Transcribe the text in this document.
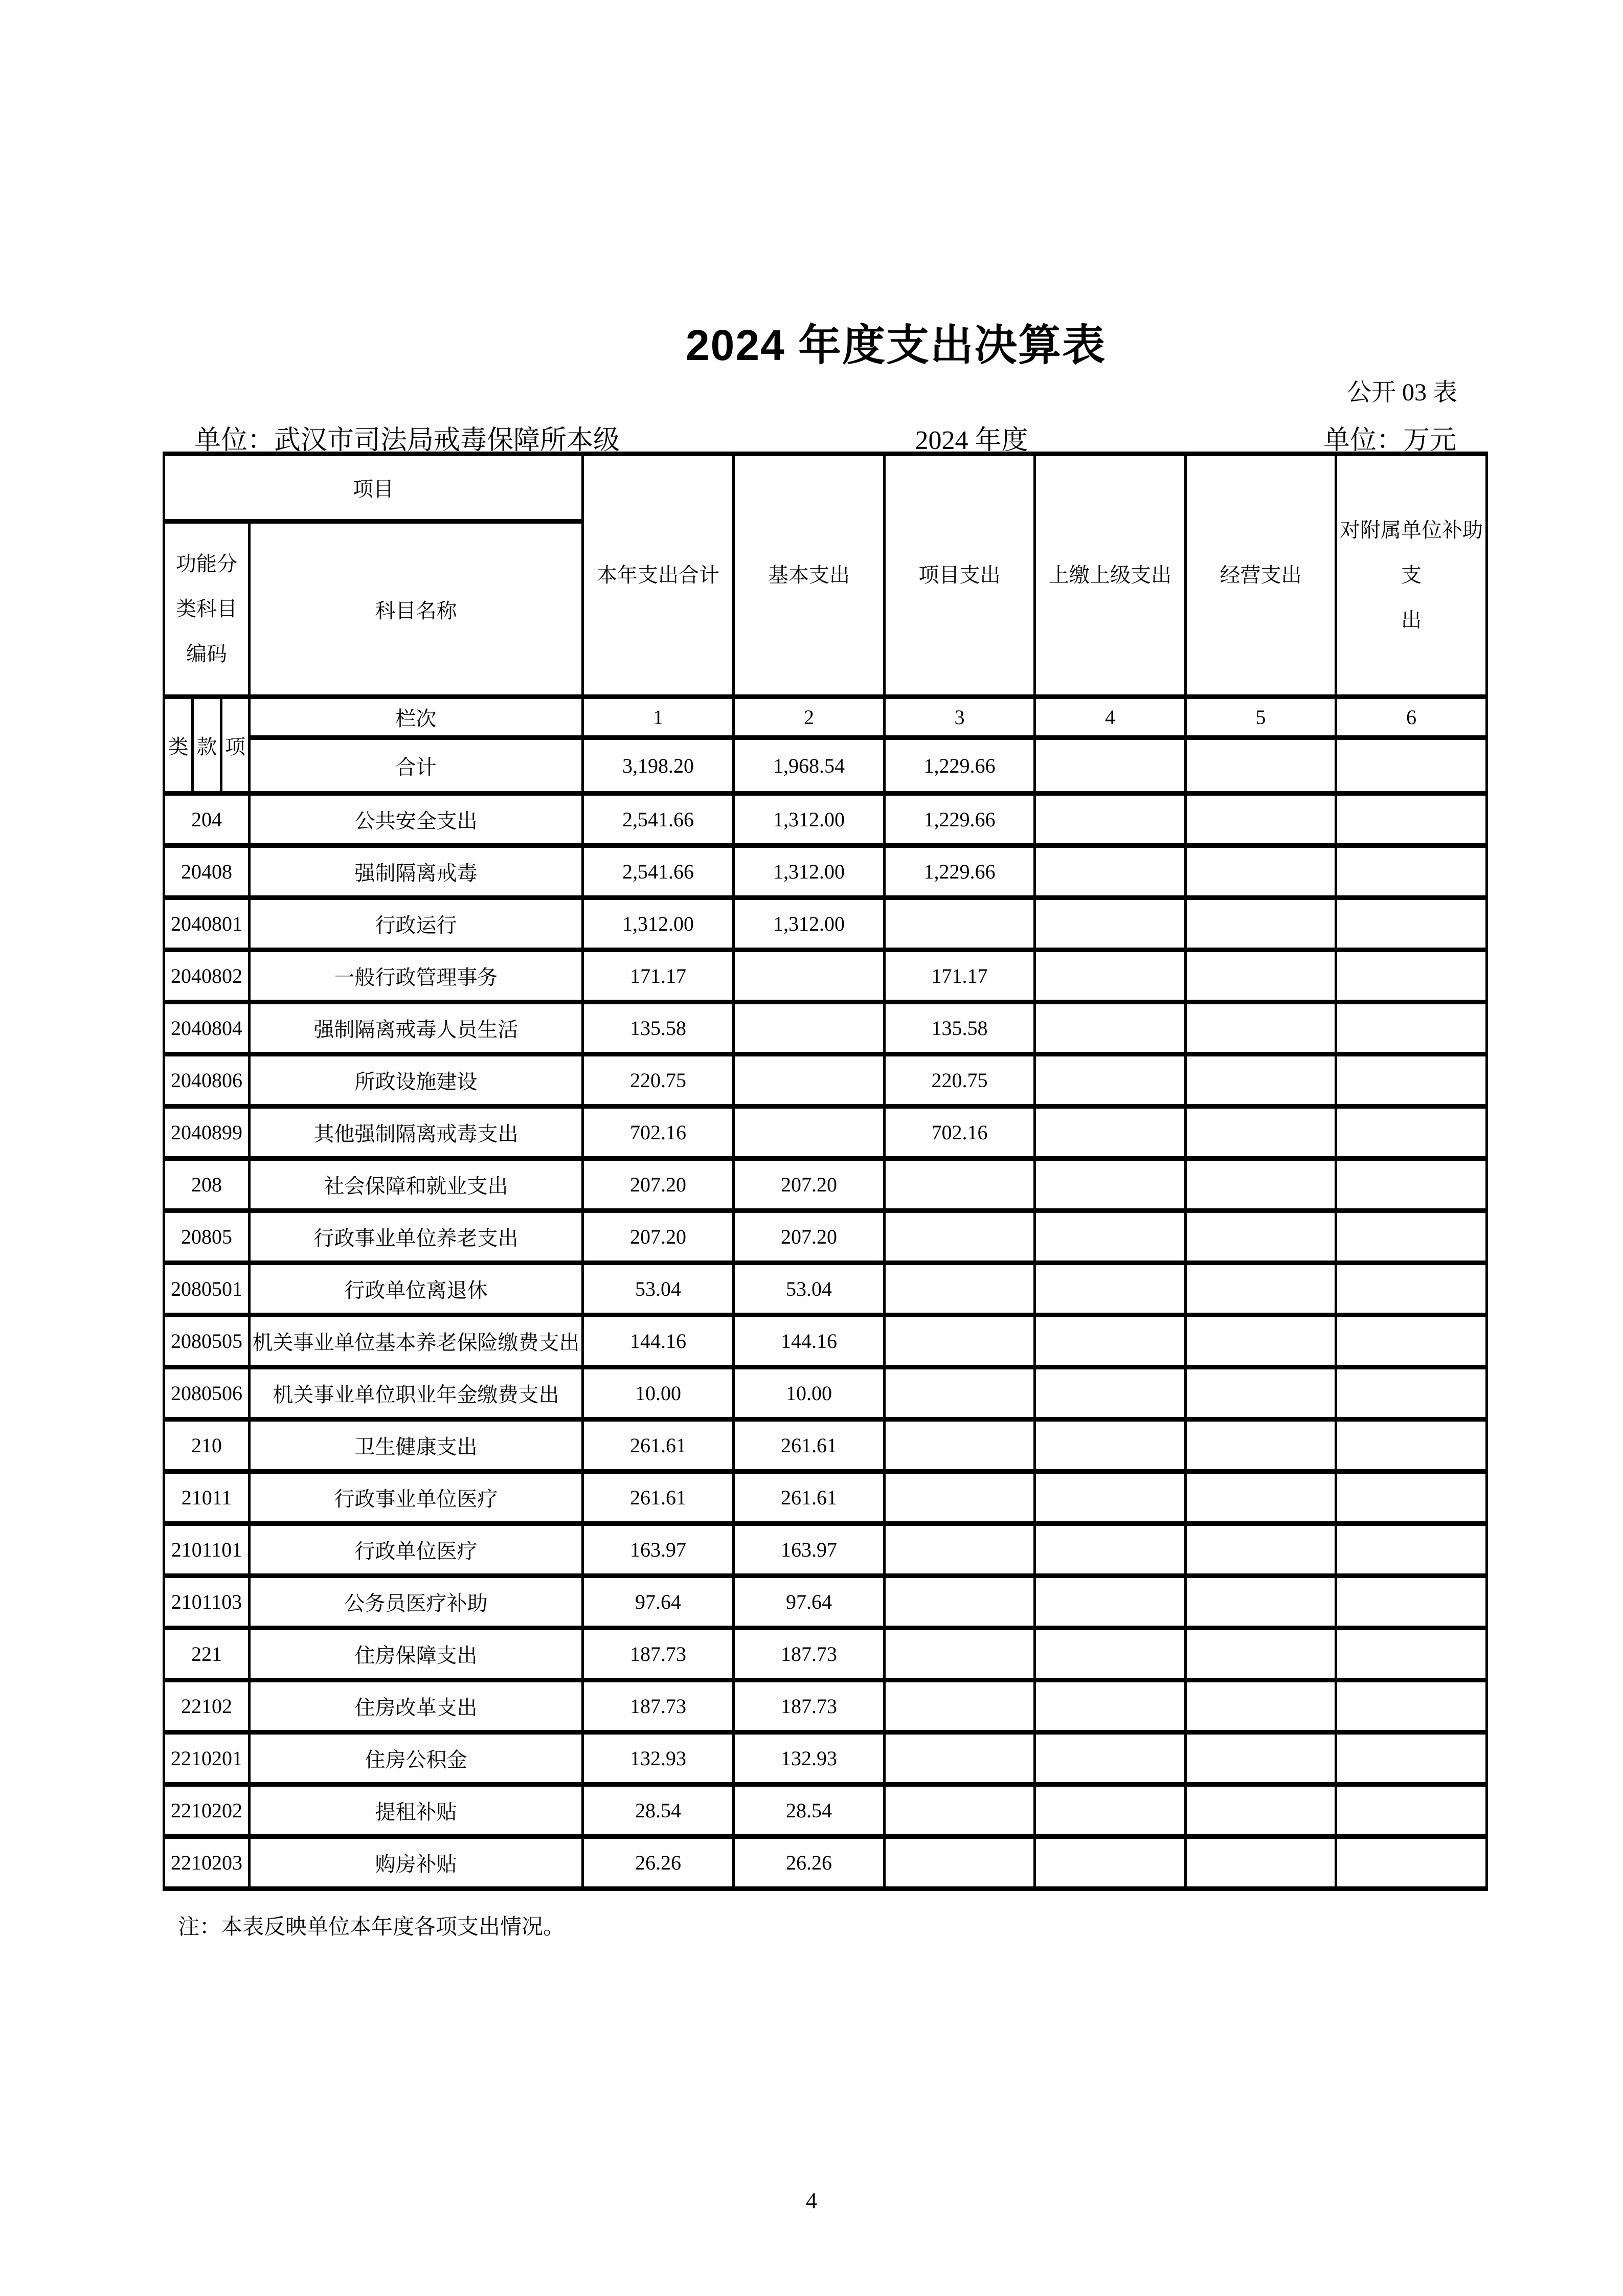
2024 年度支出决算表
公开 03 表
单位：武汉市司法局戒毒保障所本级	2024 年度	单位：万元
项目				本年支出合计	基本支出	项目支出	上缴上级支出	经营支出	对附属单位补助支
出
功能分
类科目
编码			科目名称						
类	款	项	栏次	1	2	3	4	5	6
			合计	3,198.20	1,968.54	1,229.66			
204			公共安全支出	2,541.66	1,312.00	1,229.66			
20408			强制隔离戒毒	2,541.66	1,312.00	1,229.66			
2040801			行政运行	1,312.00	1,312.00				
2040802			一般行政管理事务	171.17		171.17			
2040804			强制隔离戒毒人员生活	135.58		135.58			
2040806			所政设施建设	220.75		220.75			
2040899			其他强制隔离戒毒支出	702.16		702.16			
208			社会保障和就业支出	207.20	207.20				
20805			行政事业单位养老支出	207.20	207.20				
2080501			行政单位离退休	53.04	53.04				
2080505			机关事业单位基本养老保险缴费支出	144.16	144.16				
2080506			机关事业单位职业年金缴费支出	10.00	10.00				
210			卫生健康支出	261.61	261.61				
21011			行政事业单位医疗	261.61	261.61				
2101101			行政单位医疗	163.97	163.97				
2101103			公务员医疗补助	97.64	97.64				
221			住房保障支出	187.73	187.73				
22102			住房改革支出	187.73	187.73				
2210201			住房公积金	132.93	132.93				
2210202			提租补贴	28.54	28.54				
2210203			购房补贴	26.26	26.26				
注：本表反映单位本年度各项支出情况。
4
